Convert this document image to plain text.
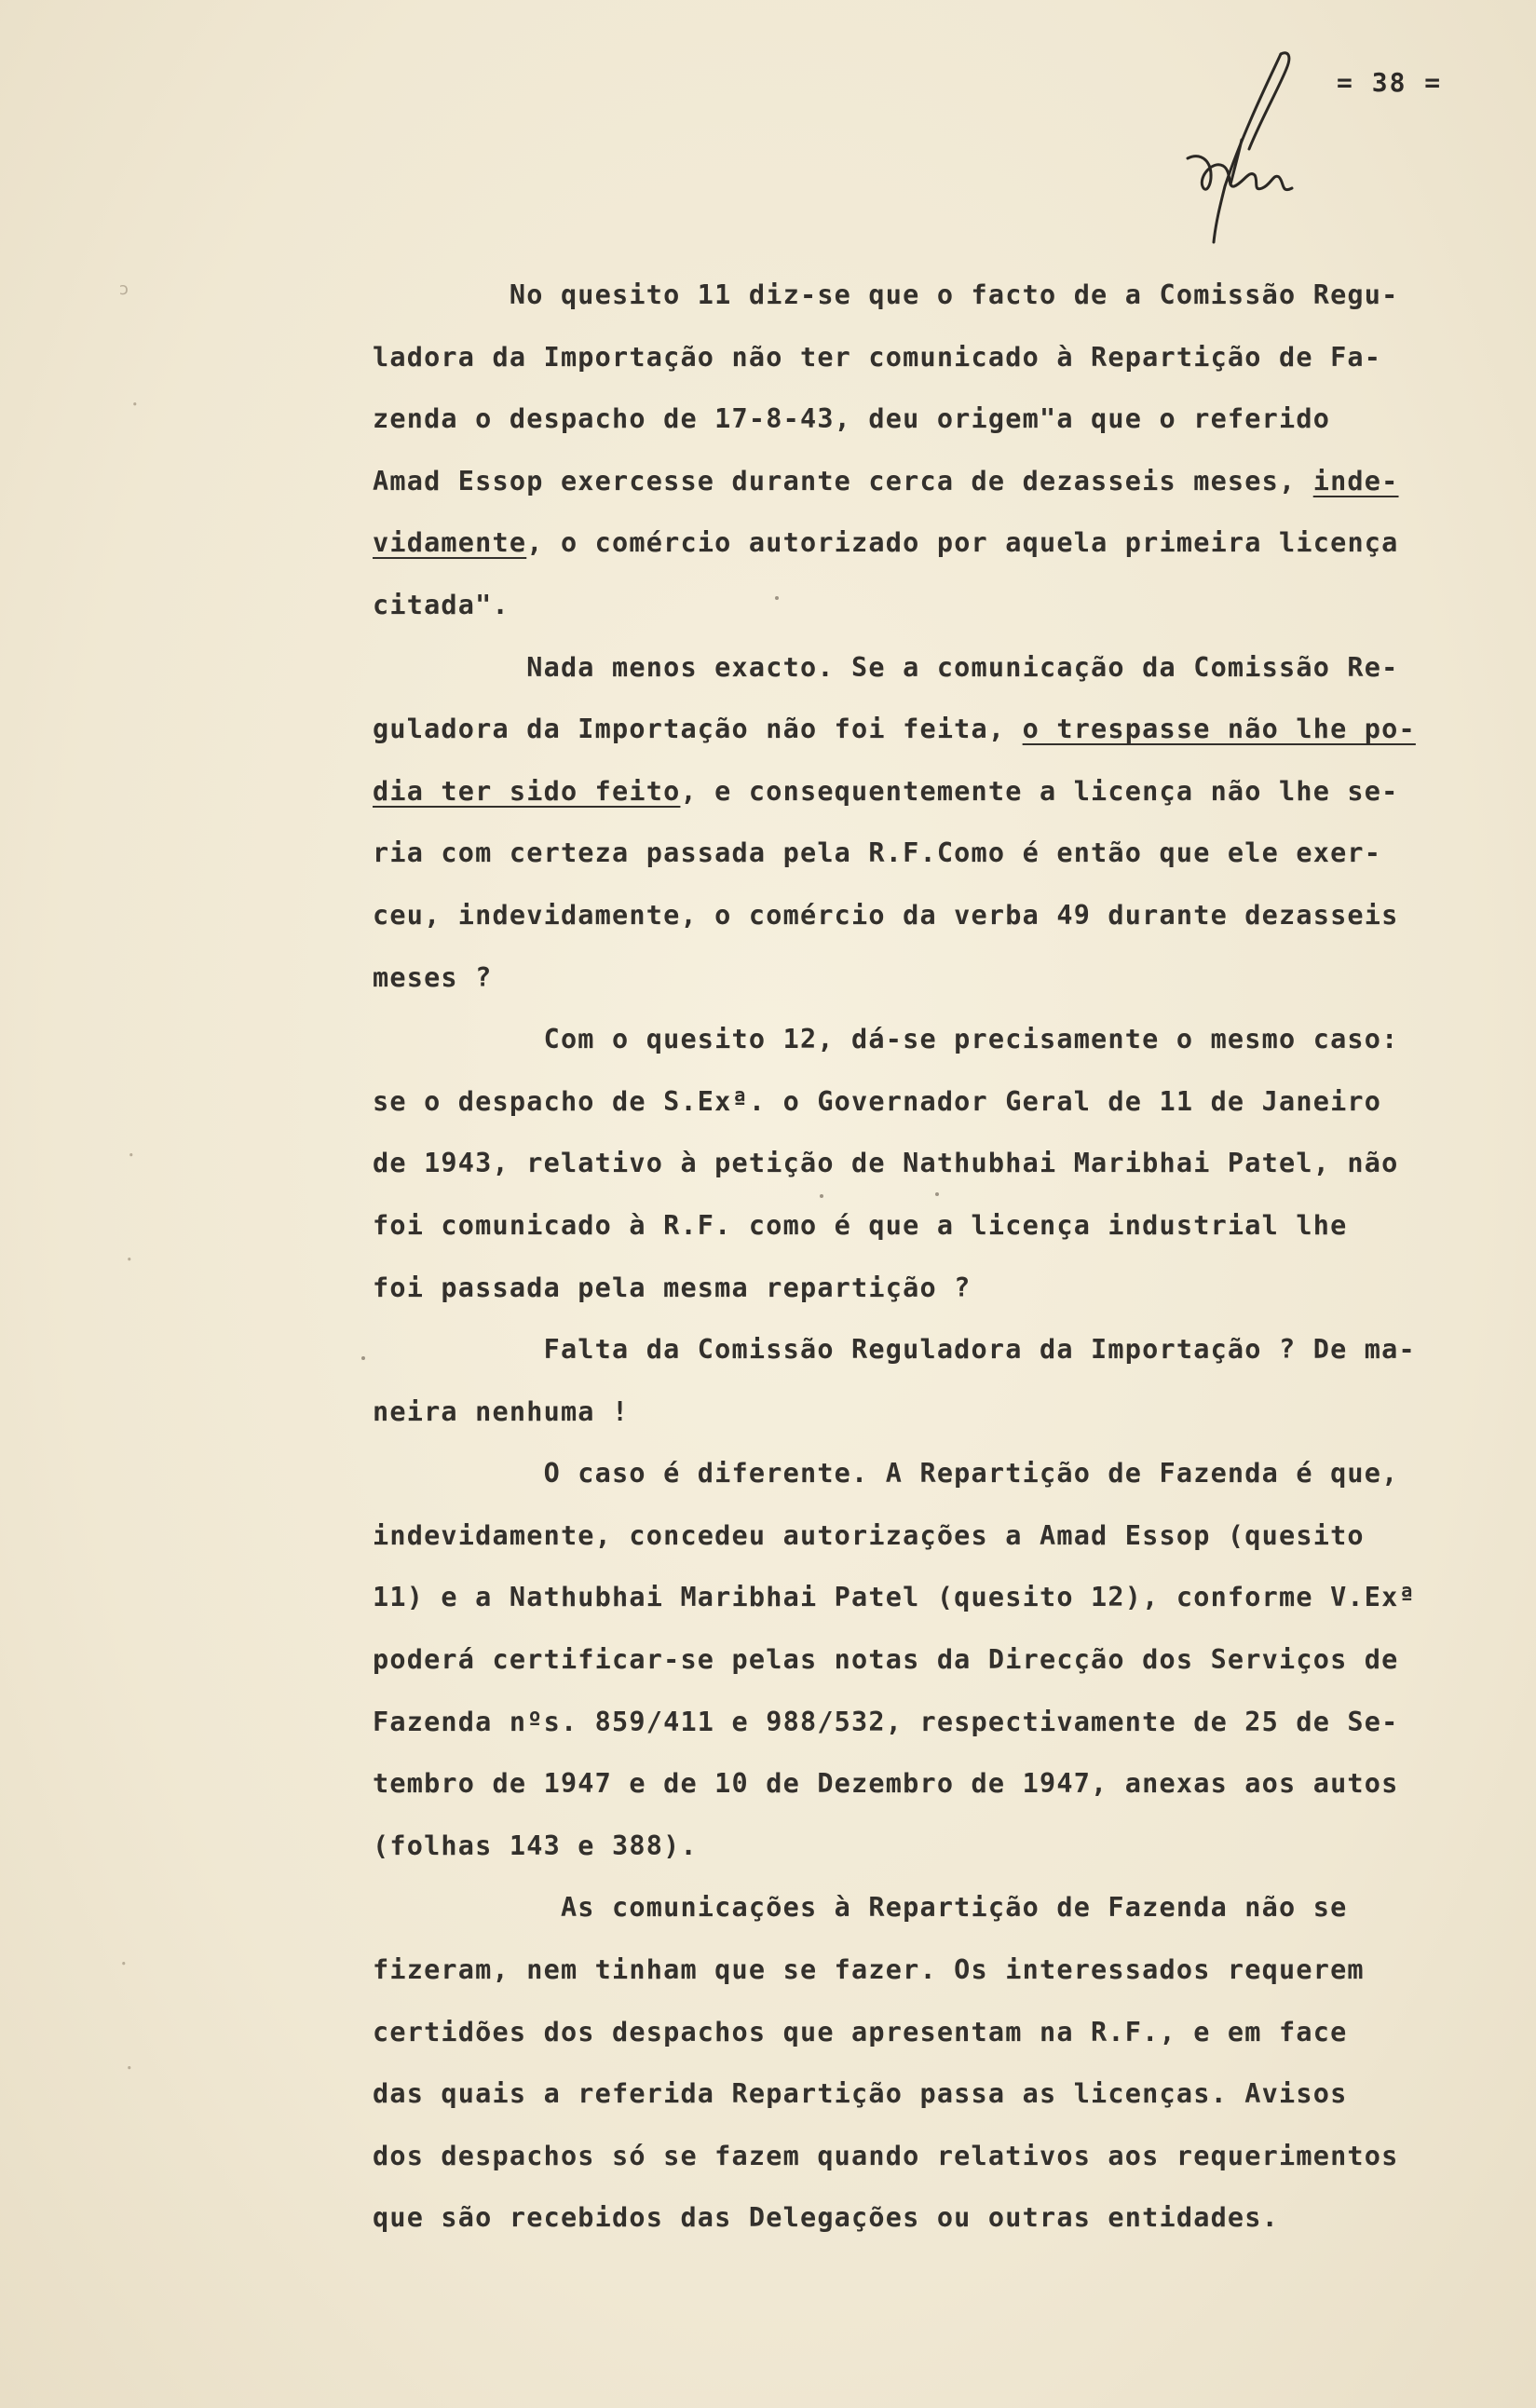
= 38 =
No quesito 11 diz-se que o facto de a Comissão Regu-
ladora da Importação não ter comunicado à Repartição de Fa-
zenda o despacho de 17-8-43, deu origem"a que o referido
Amad Essop exercesse durante cerca de dezasseis meses, inde-
vidamente, o comércio autorizado por aquela primeira licença
citada".
Nada menos exacto. Se a comunicação da Comissão Re-
guladora da Importação não foi feita, o trespasse não lhe po-
dia ter sido feito, e consequentemente a licença não lhe se-
ria com certeza passada pela R.F.Como é então que ele exer-
ceu, indevidamente, o comércio da verba 49 durante dezasseis
meses ?
Com o quesito 12, dá-se precisamente o mesmo caso:
se o despacho de S.Exª. o Governador Geral de 11 de Janeiro
de 1943, relativo à petição de Nathubhai Maribhai Patel, não
foi comunicado à R.F. como é que a licença industrial lhe
foi passada pela mesma repartição ?
Falta da Comissão Reguladora da Importação ? De ma-
neira nenhuma !
O caso é diferente. A Repartição de Fazenda é que,
indevidamente, concedeu autorizações a Amad Essop (quesito
11) e a Nathubhai Maribhai Patel (quesito 12), conforme V.Exª
poderá certificar-se pelas notas da Direcção dos Serviços de
Fazenda nºs. 859/411 e 988/532, respectivamente de 25 de Se-
tembro de 1947 e de 10 de Dezembro de 1947, anexas aos autos
(folhas 143 e 388).
As comunicações à Repartição de Fazenda não se
fizeram, nem tinham que se fazer. Os interessados requerem
certidões dos despachos que apresentam na R.F., e em face
das quais a referida Repartição passa as licenças. Avisos
dos despachos só se fazem quando relativos aos requerimentos
que são recebidos das Delegações ou outras entidades.
ↄ
ꞏ
ꞏ
ꞏ
ꞏ
ꞏ
